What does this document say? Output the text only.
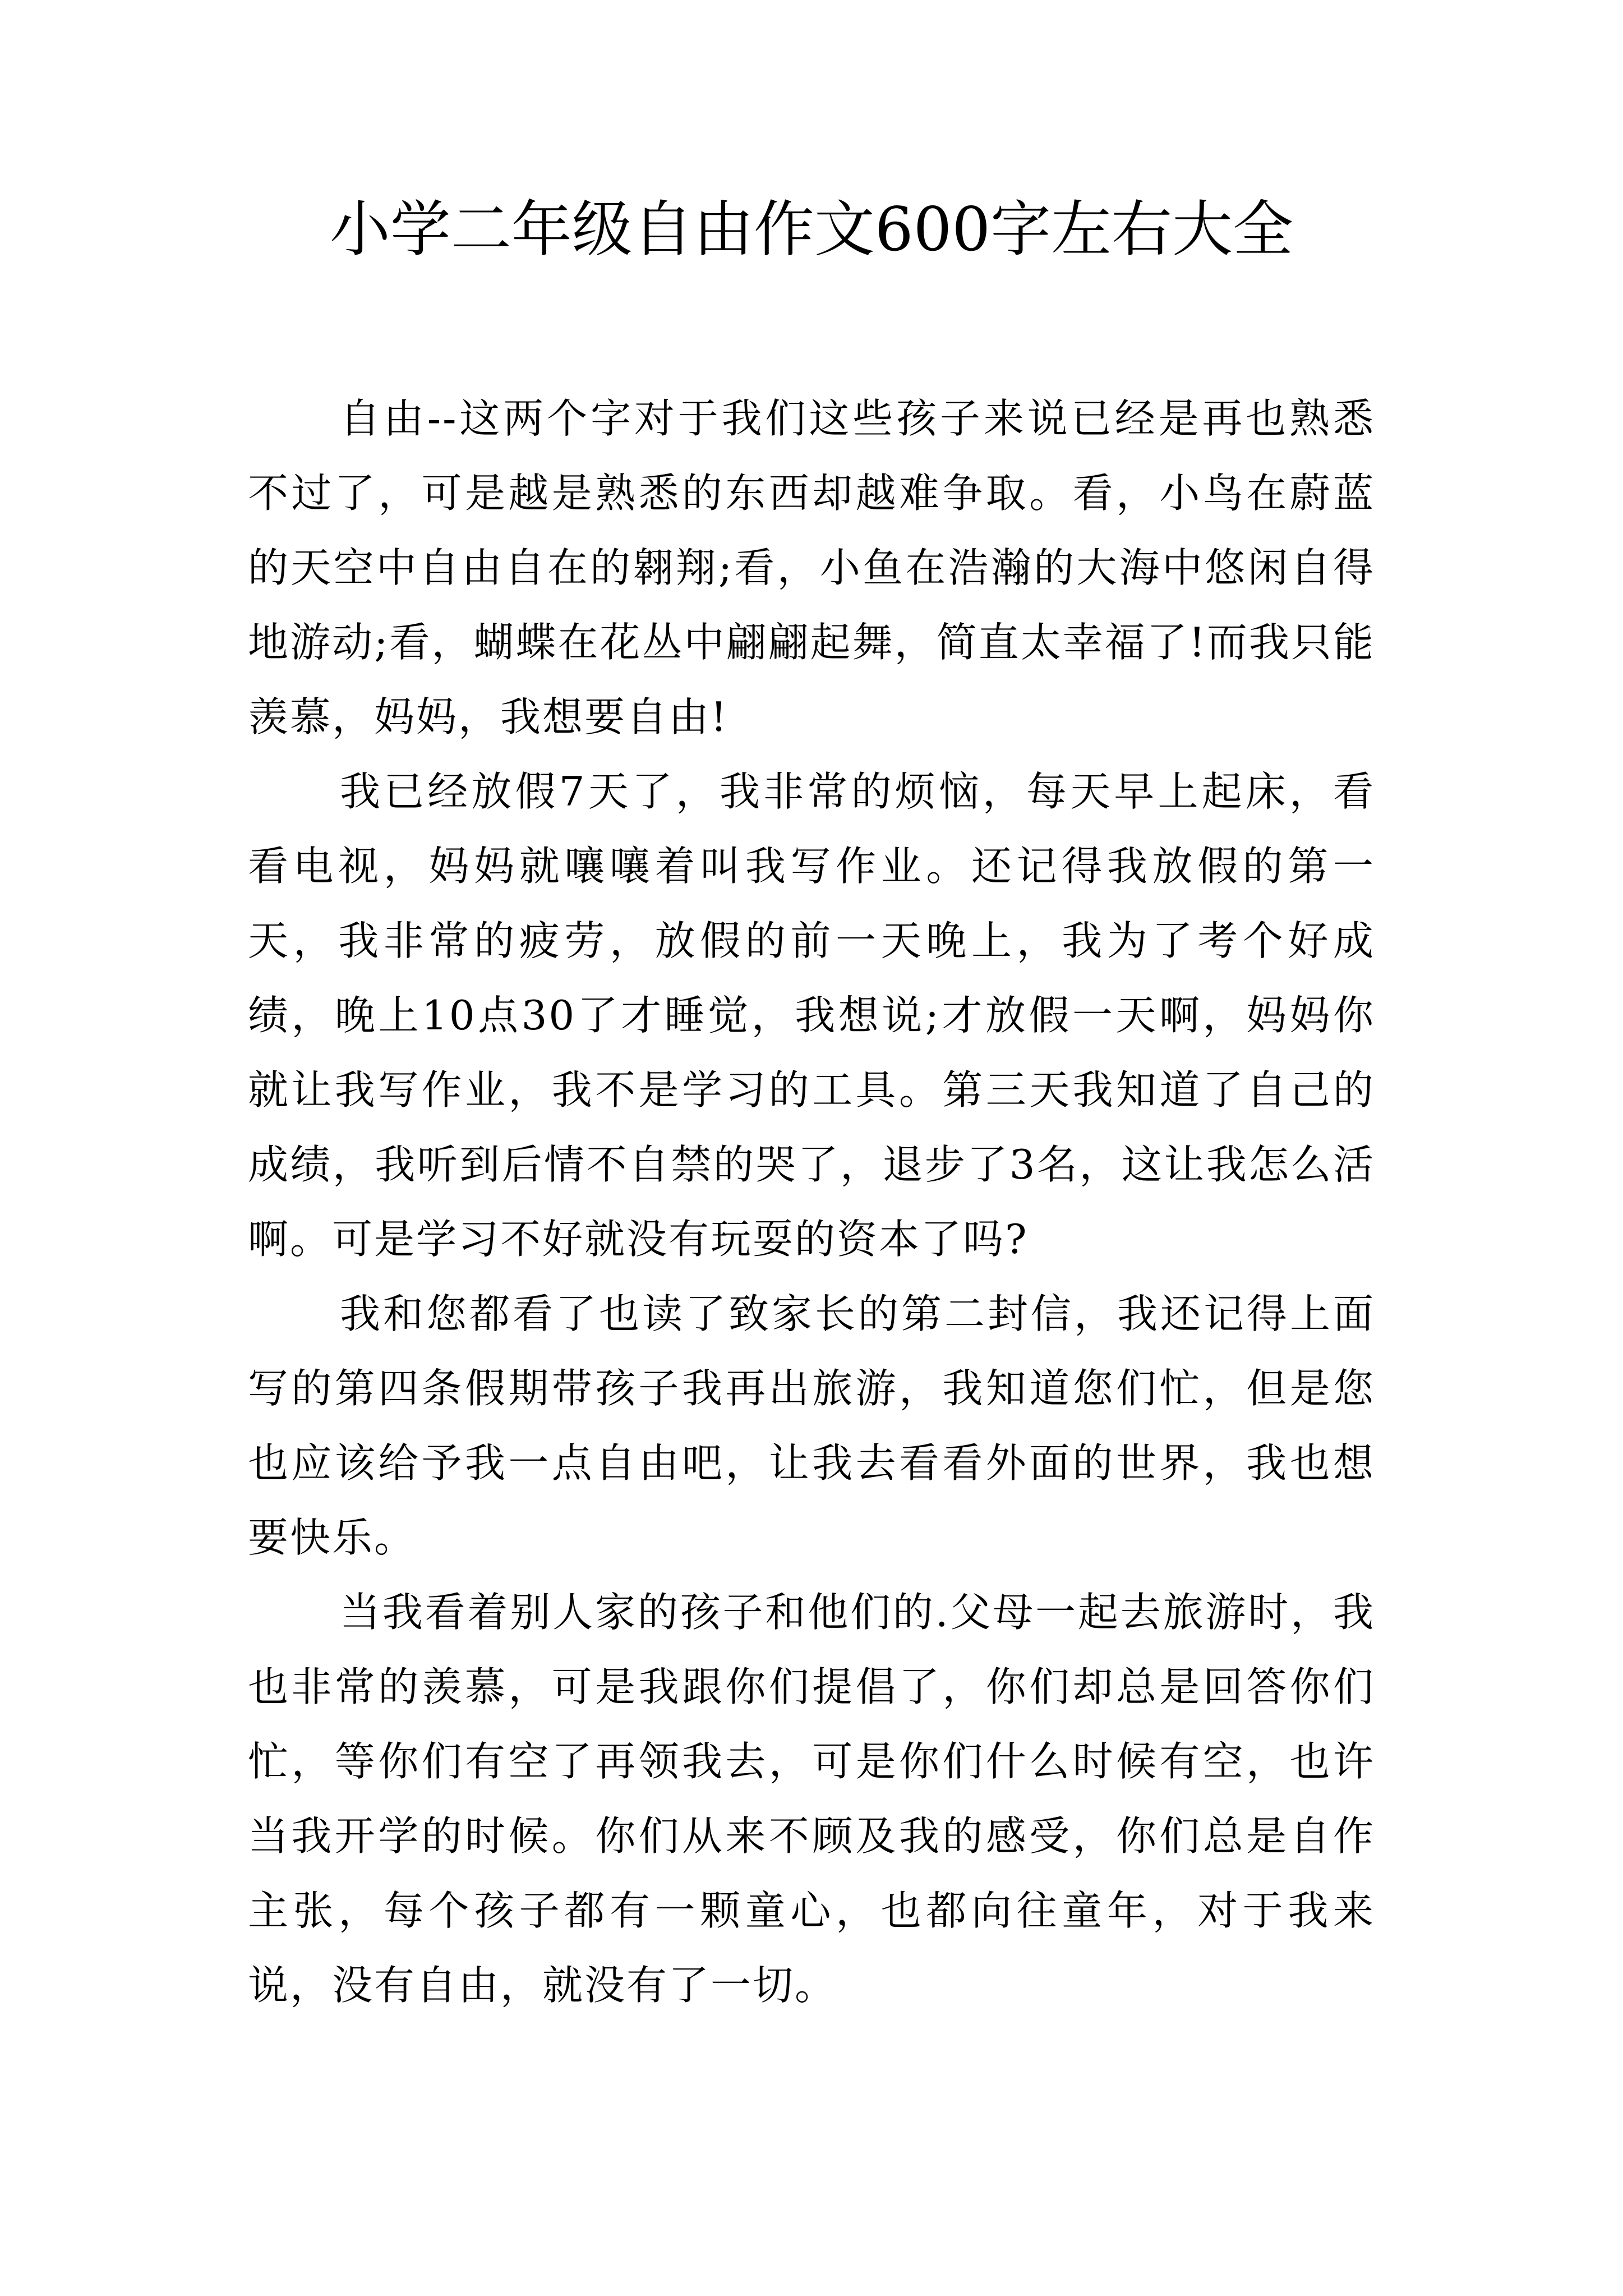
小学二年级自由作文600字左右大全

自由--这两个字对于我们这些孩子来说已经是再也熟悉不过了，可是越是熟悉的东西却越难争取。看，小鸟在蔚蓝的天空中自由自在的翱翔;看，小鱼在浩瀚的大海中悠闲自得地游动;看，蝴蝶在花丛中翩翩起舞，简直太幸福了!而我只能羡慕，妈妈，我想要自由!

我已经放假7天了，我非常的烦恼，每天早上起床，看看电视，妈妈就嚷嚷着叫我写作业。还记得我放假的第一天，我非常的疲劳，放假的前一天晚上，我为了考个好成绩，晚上10点30了才睡觉，我想说;才放假一天啊，妈妈你就让我写作业，我不是学习的工具。第三天我知道了自己的成绩，我听到后情不自禁的哭了，退步了3名，这让我怎么活啊。可是学习不好就没有玩耍的资本了吗?

我和您都看了也读了致家长的第二封信，我还记得上面写的第四条假期带孩子我再出旅游，我知道您们忙，但是您也应该给予我一点自由吧，让我去看看外面的世界，我也想要快乐。

当我看着别人家的孩子和他们的.父母一起去旅游时，我也非常的羡慕，可是我跟你们提倡了，你们却总是回答你们忙，等你们有空了再领我去，可是你们什么时候有空，也许当我开学的时候。你们从来不顾及我的感受，你们总是自作主张，每个孩子都有一颗童心，也都向往童年，对于我来说，没有自由，就没有了一切。
